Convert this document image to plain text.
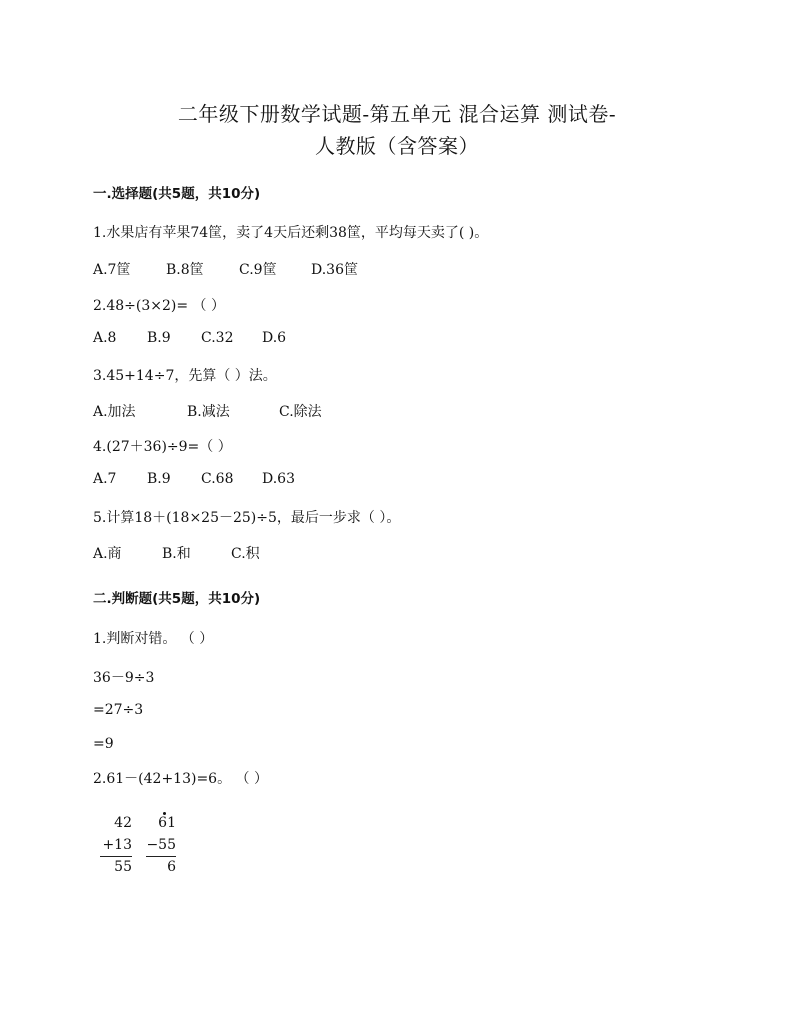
二年级下册数学试题-第五单元 混合运算 测试卷-
人教版（含答案）
一.选择题(共5题，共10分)
1.水果店有苹果74筐，卖了4天后还剩38筐，平均每天卖了( )。
A.7筐	B.8筐	C.9筐 D.36筐
2.48÷(3×2)= （ ）
A.8 B.9 C.32 D.6
3.45+14÷7，先算（ ）法。
A.加法	B.减法	C.除法
4.(27＋36)÷9=（ ）
A.7 B.9 C.68 D.63
5.计算18＋(18×25－25)÷5，最后一步求（ ）。
A.商	B.和	C.积
二.判断题(共5题，共10分)
1.判断对错。 （ ）
36－9÷3
=27÷3
=9
2.61－(42+13)=6。 （ ）
42
+13
55
61
−55
6
